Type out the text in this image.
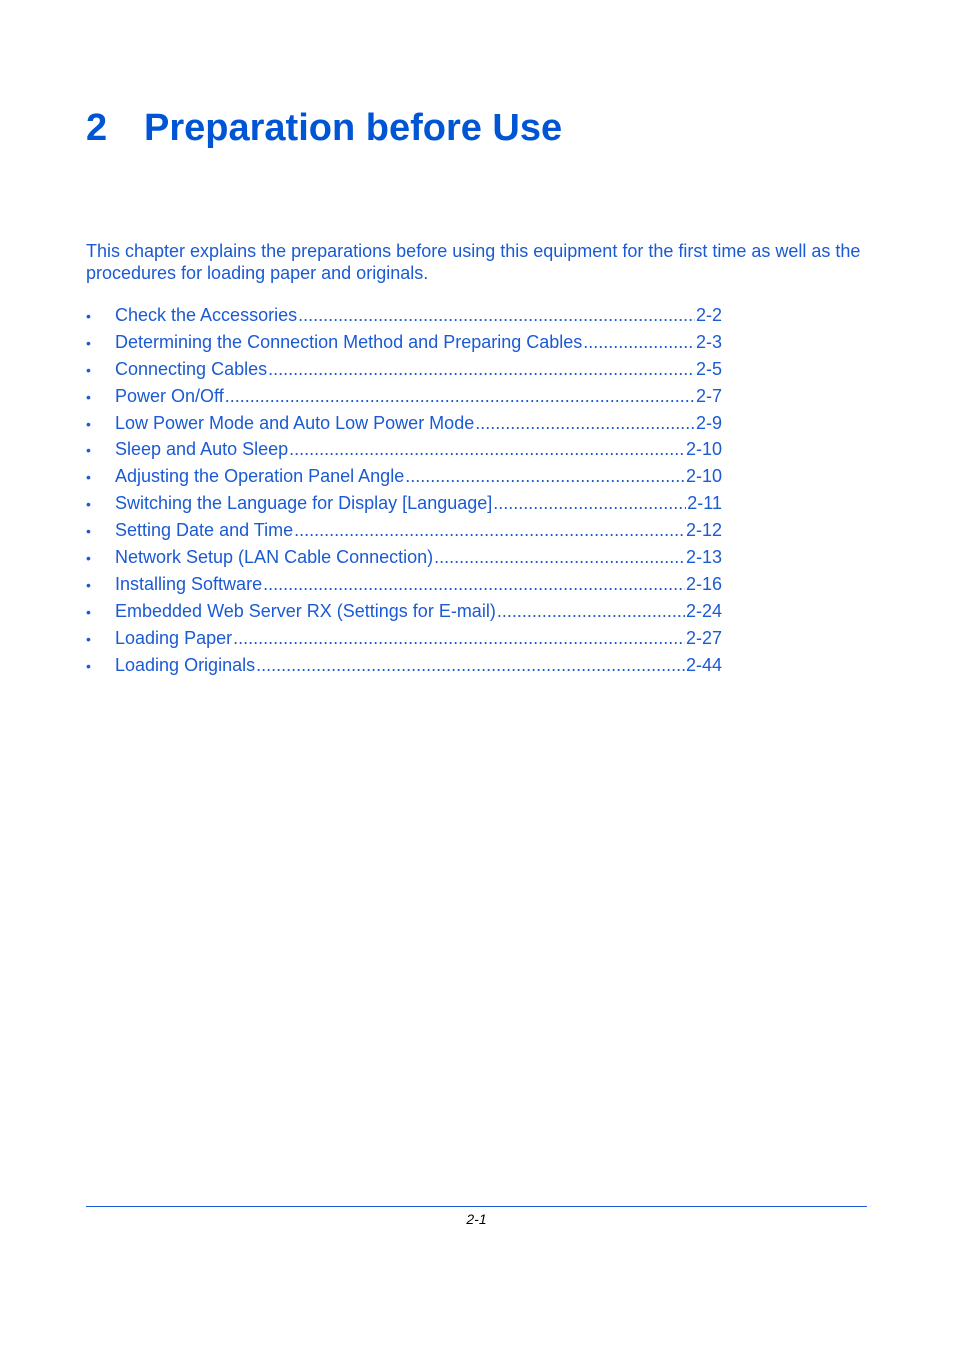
2 Preparation before Use

This chapter explains the preparations before using this equipment for the first time as well as the procedures for loading paper and originals.

•	Check the Accessories .....	2-2
•	Determining the Connection Method and Preparing Cables .....	2-3
•	Connecting Cables .....	2-5
•	Power On/Off .....	2-7
•	Low Power Mode and Auto Low Power Mode .....	2-9
•	Sleep and Auto Sleep .....	2-10
•	Adjusting the Operation Panel Angle .....	2-10
•	Switching the Language for Display [Language] .....	2-11
•	Setting Date and Time .....	2-12
•	Network Setup (LAN Cable Connection) .....	2-13
•	Installing Software .....	2-16
•	Embedded Web Server RX (Settings for E-mail) .....	2-24
•	Loading Paper .....	2-27
•	Loading Originals .....	2-44
2-1
